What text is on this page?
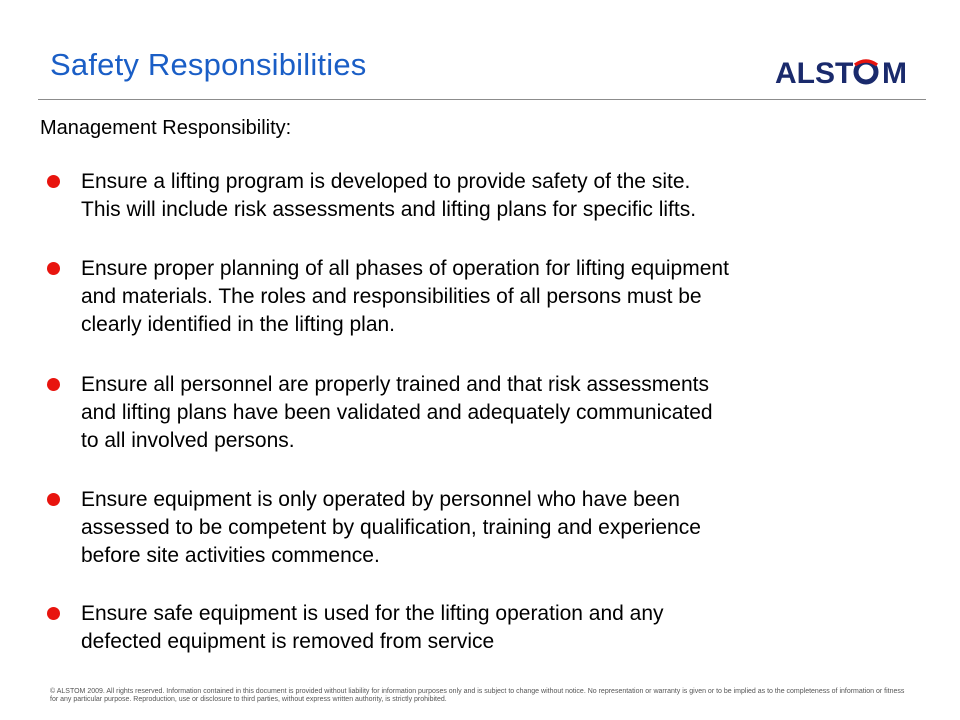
Safety Responsibilities	ALST M
Management Responsibility:
Ensure a lifting program is developed to provide safety of the site.
This will include risk assessments and lifting plans for specific lifts.
Ensure proper planning of all phases of operation for lifting equipment
and materials. The roles and responsibilities of all persons must be
clearly identified in the lifting plan.
Ensure all personnel are properly trained and that risk assessments
and lifting plans have been validated and adequately communicated
to all involved persons.
Ensure equipment is only operated by personnel who have been
assessed to be competent by qualification, training and experience
before site activities commence.
Ensure safe equipment is used for the lifting operation and any
defected equipment is removed from service
© ALSTOM 2009. All rights reserved. Information contained in this document is provided without liability for information purposes only and is subject to change without notice. No representation or warranty is given or to be implied as to the completeness of information or fitness for any particular purpose. Reproduction, use or disclosure to third parties, without express written authority, is strictly prohibited.
